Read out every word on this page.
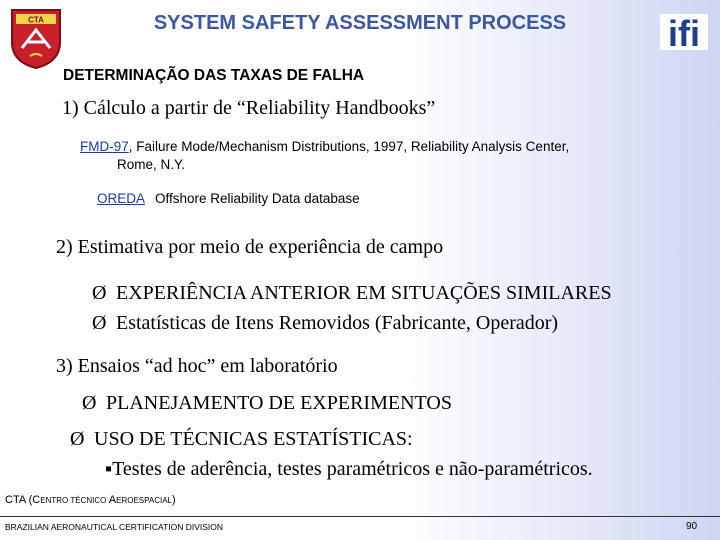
CTA	ifi
SYSTEM SAFETY ASSESSMENT PROCESS
DETERMINAÇÃO DAS TAXAS DE FALHA
1) Cálculo a partir de “Reliability Handbooks”
FMD-97, Failure Mode/Mechanism Distributions, 1997, Reliability Analysis Center,
Rome, N.Y.
OREDA Offshore Reliability Data database
2) Estimativa por meio de experiência de campo
Ø EXPERIÊNCIA ANTERIOR EM SITUAÇÕES SIMILARES
Ø Estatísticas de Itens Removidos (Fabricante, Operador)
3) Ensaios “ad hoc” em laboratório
Ø PLANEJAMENTO DE EXPERIMENTOS
Ø USO DE TÉCNICAS ESTATÍSTICAS:
▪Testes de aderência, testes paramétricos e não-paramétricos.
CTA (CENTRO TÉCNICO AEROESPACIAL)
BRAZILIAN AERONAUTICAL CERTIFICATION DIVISION	90
